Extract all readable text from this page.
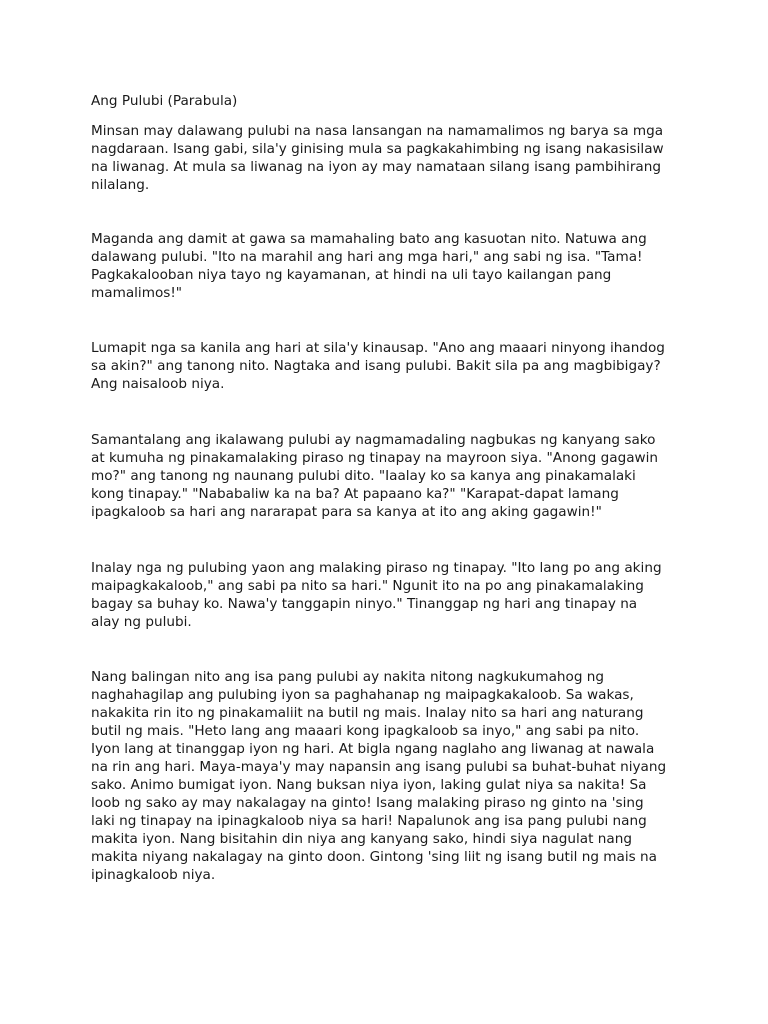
Ang Pulubi (Parabula)
Minsan may dalawang pulubi na nasa lansangan na namamalimos ng barya sa mga
nagdaraan. Isang gabi, sila'y ginising mula sa pagkakahimbing ng isang nakasisilaw
na liwanag. At mula sa liwanag na iyon ay may namataan silang isang pambihirang
nilalang.
Maganda ang damit at gawa sa mamahaling bato ang kasuotan nito. Natuwa ang
dalawang pulubi. "Ito na marahil ang hari ang mga hari," ang sabi ng isa. "Tama!
Pagkakalooban niya tayo ng kayamanan, at hindi na uli tayo kailangan pang
mamalimos!"
Lumapit nga sa kanila ang hari at sila'y kinausap. "Ano ang maaari ninyong ihandog
sa akin?" ang tanong nito. Nagtaka and isang pulubi. Bakit sila pa ang magbibigay?
Ang naisaloob niya.
Samantalang ang ikalawang pulubi ay nagmamadaling nagbukas ng kanyang sako
at kumuha ng pinakamalaking piraso ng tinapay na mayroon siya. "Anong gagawin
mo?" ang tanong ng naunang pulubi dito. "Iaalay ko sa kanya ang pinakamalaki
kong tinapay." "Nababaliw ka na ba? At papaano ka?" "Karapat-dapat lamang
ipagkaloob sa hari ang nararapat para sa kanya at ito ang aking gagawin!"
Inalay nga ng pulubing yaon ang malaking piraso ng tinapay. "Ito lang po ang aking
maipagkakaloob," ang sabi pa nito sa hari." Ngunit ito na po ang pinakamalaking
bagay sa buhay ko. Nawa'y tanggapin ninyo." Tinanggap ng hari ang tinapay na
alay ng pulubi.
Nang balingan nito ang isa pang pulubi ay nakita nitong nagkukumahog ng
naghahagilap ang pulubing iyon sa paghahanap ng maipagkakaloob. Sa wakas,
nakakita rin ito ng pinakamaliit na butil ng mais. Inalay nito sa hari ang naturang
butil ng mais. "Heto lang ang maaari kong ipagkaloob sa inyo," ang sabi pa nito.
Iyon lang at tinanggap iyon ng hari. At bigla ngang naglaho ang liwanag at nawala
na rin ang hari. Maya-maya'y may napansin ang isang pulubi sa buhat-buhat niyang
sako. Animo bumigat iyon. Nang buksan niya iyon, laking gulat niya sa nakita! Sa
loob ng sako ay may nakalagay na ginto! Isang malaking piraso ng ginto na 'sing
laki ng tinapay na ipinagkaloob niya sa hari! Napalunok ang isa pang pulubi nang
makita iyon. Nang bisitahin din niya ang kanyang sako, hindi siya nagulat nang
makita niyang nakalagay na ginto doon. Gintong 'sing liit ng isang butil ng mais na
ipinagkaloob niya.
